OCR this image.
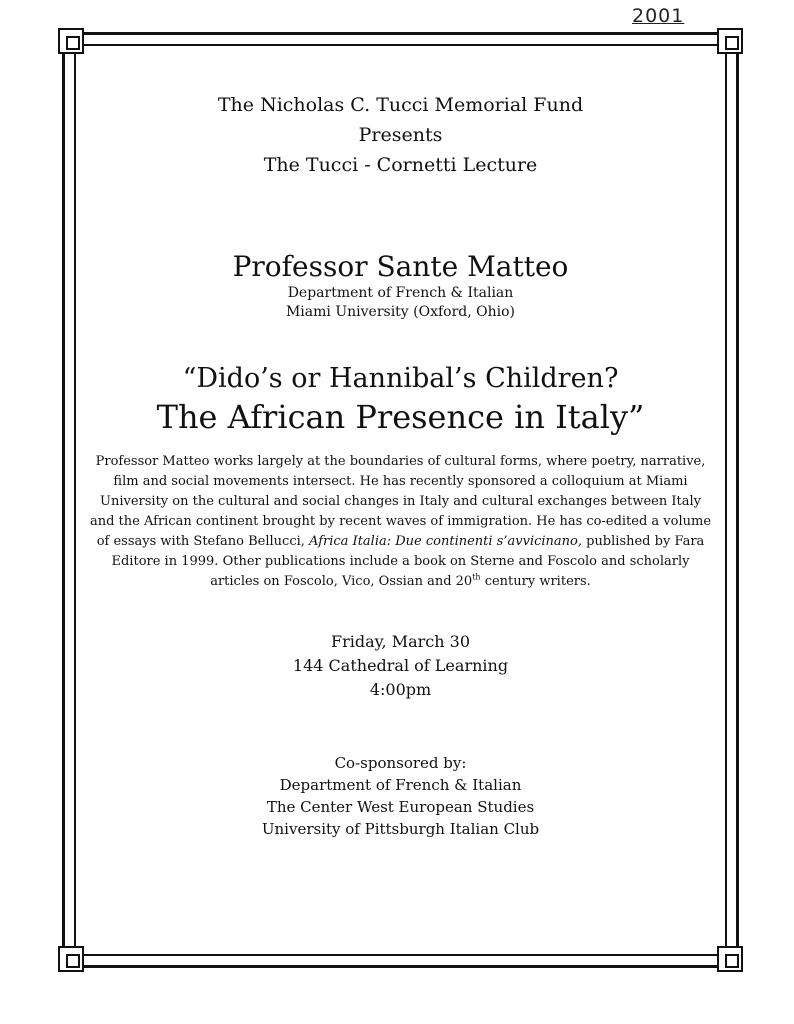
2001
The Nicholas C. Tucci Memorial Fund
Presents
The Tucci - Cornetti Lecture
Professor Sante Matteo
Department of French & Italian
Miami University (Oxford, Ohio)
“Dido’s or Hannibal’s Children?
The African Presence in Italy”
Professor Matteo works largely at the boundaries of cultural forms, where poetry, narrative, film and social movements intersect. He has recently sponsored a colloquium at Miami University on the cultural and social changes in Italy and cultural exchanges between Italy and the African continent brought by recent waves of immigration. He has co-edited a volume of essays with Stefano Bellucci, Africa Italia: Due continenti s’avvicinano, published by Fara Editore in 1999. Other publications include a book on Sterne and Foscolo and scholarly articles on Foscolo, Vico, Ossian and 20th century writers.
Friday, March 30
144 Cathedral of Learning
4:00pm
Co-sponsored by:
Department of French & Italian
The Center West European Studies
University of Pittsburgh Italian Club
